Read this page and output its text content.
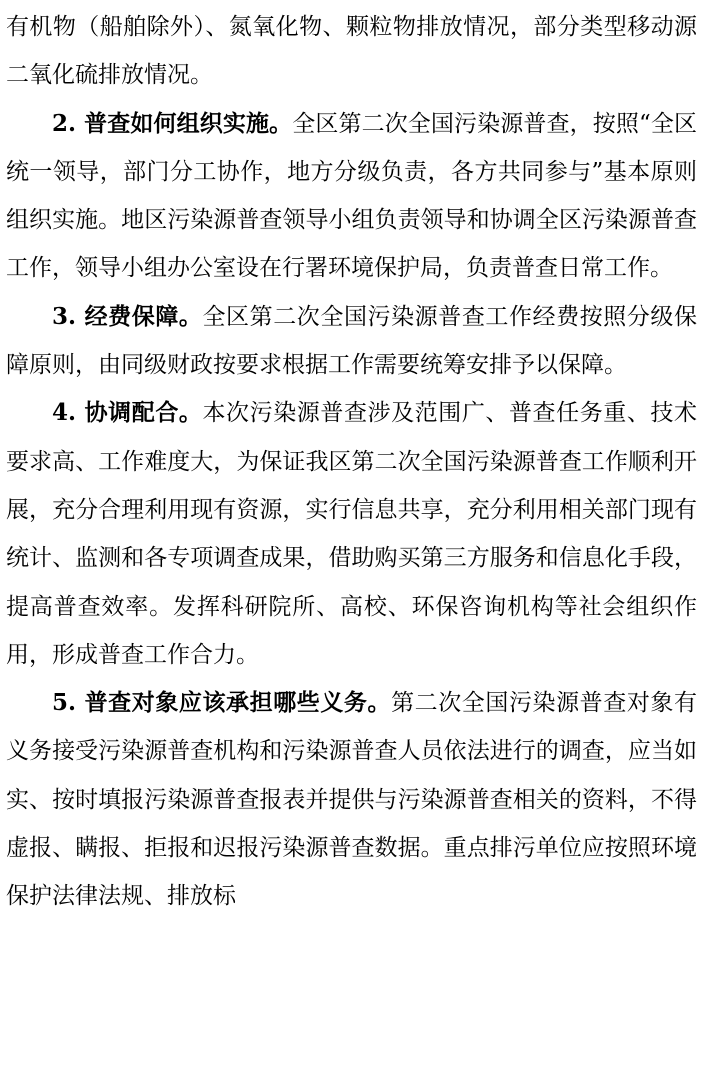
有机物（船舶除外）、氮氧化物、颗粒物排放情况，部分类型移动源二氧化硫排放情况。

2. 普查如何组织实施。全区第二次全国污染源普查，按照“全区统一领导，部门分工协作，地方分级负责，各方共同参与”基本原则组织实施。地区污染源普查领导小组负责领导和协调全区污染源普查工作，领导小组办公室设在行署环境保护局，负责普查日常工作。

3. 经费保障。全区第二次全国污染源普查工作经费按照分级保障原则，由同级财政按要求根据工作需要统筹安排予以保障。

4. 协调配合。本次污染源普查涉及范围广、普查任务重、技术要求高、工作难度大，为保证我区第二次全国污染源普查工作顺利开展，充分合理利用现有资源，实行信息共享，充分利用相关部门现有统计、监测和各专项调查成果，借助购买第三方服务和信息化手段，提高普查效率。发挥科研院所、高校、环保咨询机构等社会组织作用，形成普查工作合力。

5. 普查对象应该承担哪些义务。第二次全国污染源普查对象有义务接受污染源普查机构和污染源普查人员依法进行的调查，应当如实、按时填报污染源普查报表并提供与污染源普查相关的资料，不得虚报、瞒报、拒报和迟报污染源普查数据。重点排污单位应按照环境保护法律法规、排放标
